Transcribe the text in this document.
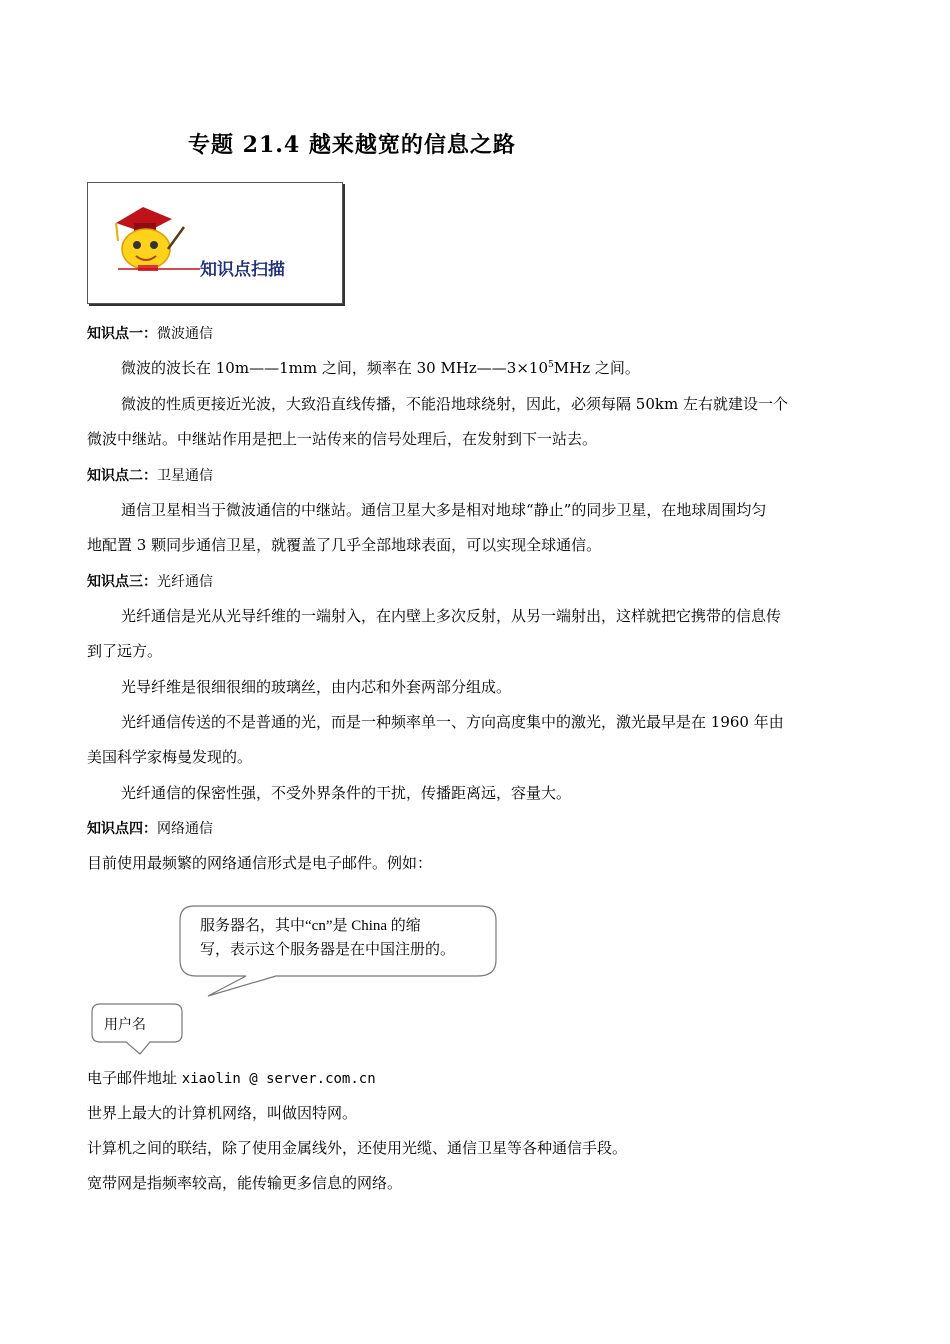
专题 21.4 越来越宽的信息之路
知识点扫描
知识点一：微波通信
微波的波长在 10m——1mm 之间，频率在 30 $MHz——3\times 10^5MHz$ 之间。
微波的性质更接近光波，大致沿直线传播，不能沿地球绕射，因此，必须每隔 50km 左右就建设一个
微波中继站。中继站作用是把上一站传来的信号处理后，在发射到下一站去。
知识点二：卫星通信
通信卫星相当于微波通信的中继站。通信卫星大多是相对地球“静止”的同步卫星，在地球周围均匀
地配置 3 颗同步通信卫星，就覆盖了几乎全部地球表面，可以实现全球通信。
知识点三：光纤通信
光纤通信是光从光导纤维的一端射入，在内壁上多次反射，从另一端射出，这样就把它携带的信息传
到了远方。
光导纤维是很细很细的玻璃丝，由内芯和外套两部分组成。
光纤通信传送的不是普通的光，而是一种频率单一、方向高度集中的激光，激光最早是在 1960 年由
美国科学家梅曼发现的。
光纤通信的保密性强，不受外界条件的干扰，传播距离远，容量大。
知识点四：网络通信
目前使用最频繁的网络通信形式是电子邮件。例如：
服务器名，其中“cn”是 China 的缩
写，表示这个服务器是在中国注册的。
用户名
电子邮件地址 xiaolin @ server.com.cn
世界上最大的计算机网络，叫做因特网。
计算机之间的联结，除了使用金属线外，还使用光缆、通信卫星等各种通信手段。
宽带网是指频率较高，能传输更多信息的网络。
